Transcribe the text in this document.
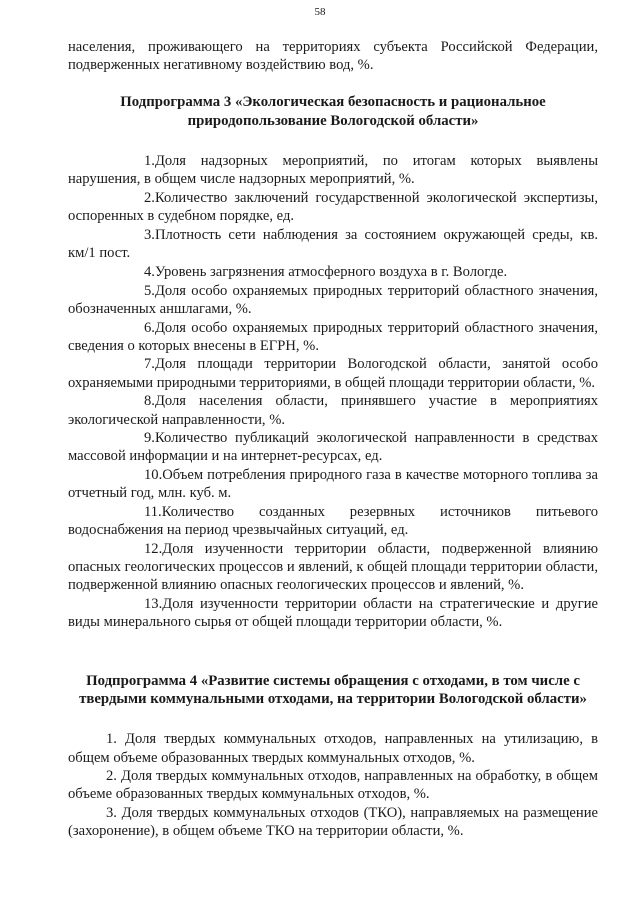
58

населения, проживающего на территориях субъекта Российской Федерации, подверженных негативному воздействию вод, %.

Подпрограмма 3 «Экологическая безопасность и рациональное природопользование Вологодской области»

1.Доля надзорных мероприятий, по итогам которых выявлены нарушения, в общем числе надзорных мероприятий, %.

2.Количество заключений государственной экологической экспертизы, оспоренных в судебном порядке, ед.

3.Плотность сети наблюдения за состоянием окружающей среды, кв. км/1 пост.

4.Уровень загрязнения атмосферного воздуха в г. Вологде.

5.Доля особо охраняемых природных территорий областного значения, обозначенных аншлагами, %.

6.Доля особо охраняемых природных территорий областного значения, сведения о которых внесены в ЕГРН, %.

7.Доля площади территории Вологодской области, занятой особо охраняемыми природными территориями, в общей площади территории области, %.

8.Доля населения области, принявшего участие в мероприятиях экологической направленности, %.

9.Количество публикаций экологической направленности в средствах массовой информации и на интернет-ресурсах, ед.

10.Объем потребления природного газа в качестве моторного топлива за отчетный год, млн. куб. м.

11.Количество созданных резервных источников питьевого водоснабжения на период чрезвычайных ситуаций, ед.

12.Доля изученности территории области, подверженной влиянию опасных геологических процессов и явлений, к общей площади территории области, подверженной влиянию опасных геологических процессов и явлений, %.

13.Доля изученности территории области на стратегические и другие виды минерального сырья от общей площади территории области, %.

Подпрограмма 4 «Развитие системы обращения с отходами, в том числе с твердыми коммунальными отходами, на территории Вологодской области»

1. Доля твердых коммунальных отходов, направленных на утилизацию, в общем объеме образованных твердых коммунальных отходов, %.

2. Доля твердых коммунальных отходов, направленных на обработку, в общем объеме образованных твердых коммунальных отходов, %.

3. Доля твердых коммунальных отходов (ТКО), направляемых на размещение (захоронение), в общем объеме ТКО на территории области, %.
